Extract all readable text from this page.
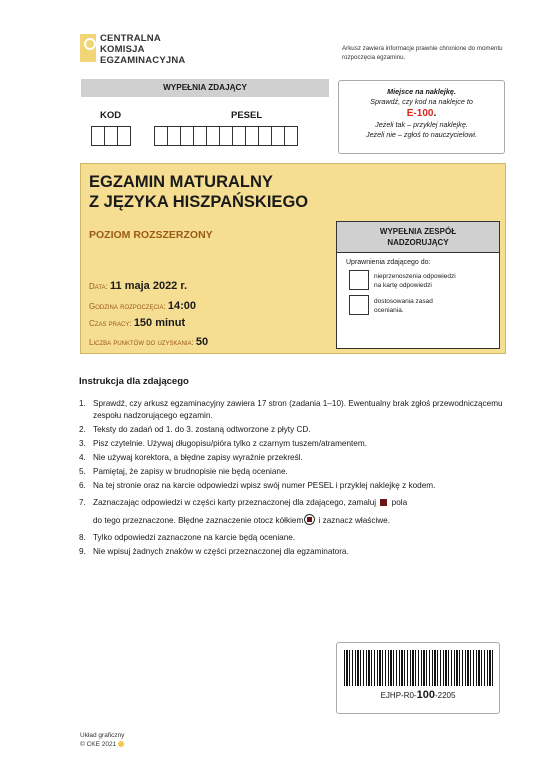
CENTRALNA
KOMISJA
EGZAMINACYJNA
Arkusz zawiera informacje prawnie chronione do momentu rozpoczęcia egzaminu.
WYPEŁNIA ZDAJĄCY
KOD	PESEL
Miejsce na naklejkę.
Sprawdź, czy kod na naklejce to
E-100.
Jeżeli tak – przyklej naklejkę.
Jeżeli nie – zgłoś to nauczycielowi.
EGZAMIN MATURALNY
Z JĘZYKA HISZPAŃSKIEGO
POZIOM ROZSZERZONY
Data: 11 maja 2022 r.
Godzina rozpoczęcia: 14:00
Czas pracy: 150 minut
Liczba punktów do uzyskania: 50
WYPEŁNIA ZESPÓŁ
NADZORUJĄCY
Uprawnienia zdającego do:
nieprzenoszenia odpowiedzi
na kartę odpowiedzi
dostosowania zasad
oceniania.
Instrukcja dla zdającego
1. Sprawdź, czy arkusz egzaminacyjny zawiera 17 stron (zadania 1–10). Ewentualny brak zgłoś przewodniczącemu zespołu nadzorującego egzamin.
2. Teksty do zadań od 1. do 3. zostaną odtworzone z płyty CD.
3. Pisz czytelnie. Używaj długopisu/pióra tylko z czarnym tuszem/atramentem.
4. Nie używaj korektora, a błędne zapisy wyraźnie przekreśl.
5. Pamiętaj, że zapisy w brudnopisie nie będą oceniane.
6. Na tej stronie oraz na karcie odpowiedzi wpisz swój numer PESEL i przyklej naklejkę z kodem.
7. Zaznaczając odpowiedzi w części karty przeznaczonej dla zdającego, zamaluj pola
do tego przeznaczone. Błędne zaznaczenie otocz kółkiem i zaznacz właściwe.
8. Tylko odpowiedzi zaznaczone na karcie będą oceniane.
9. Nie wpisuj żadnych znaków w części przeznaczonej dla egzaminatora.
EJHP-R0-100-2205
Układ graficzny
© CKE 2021
